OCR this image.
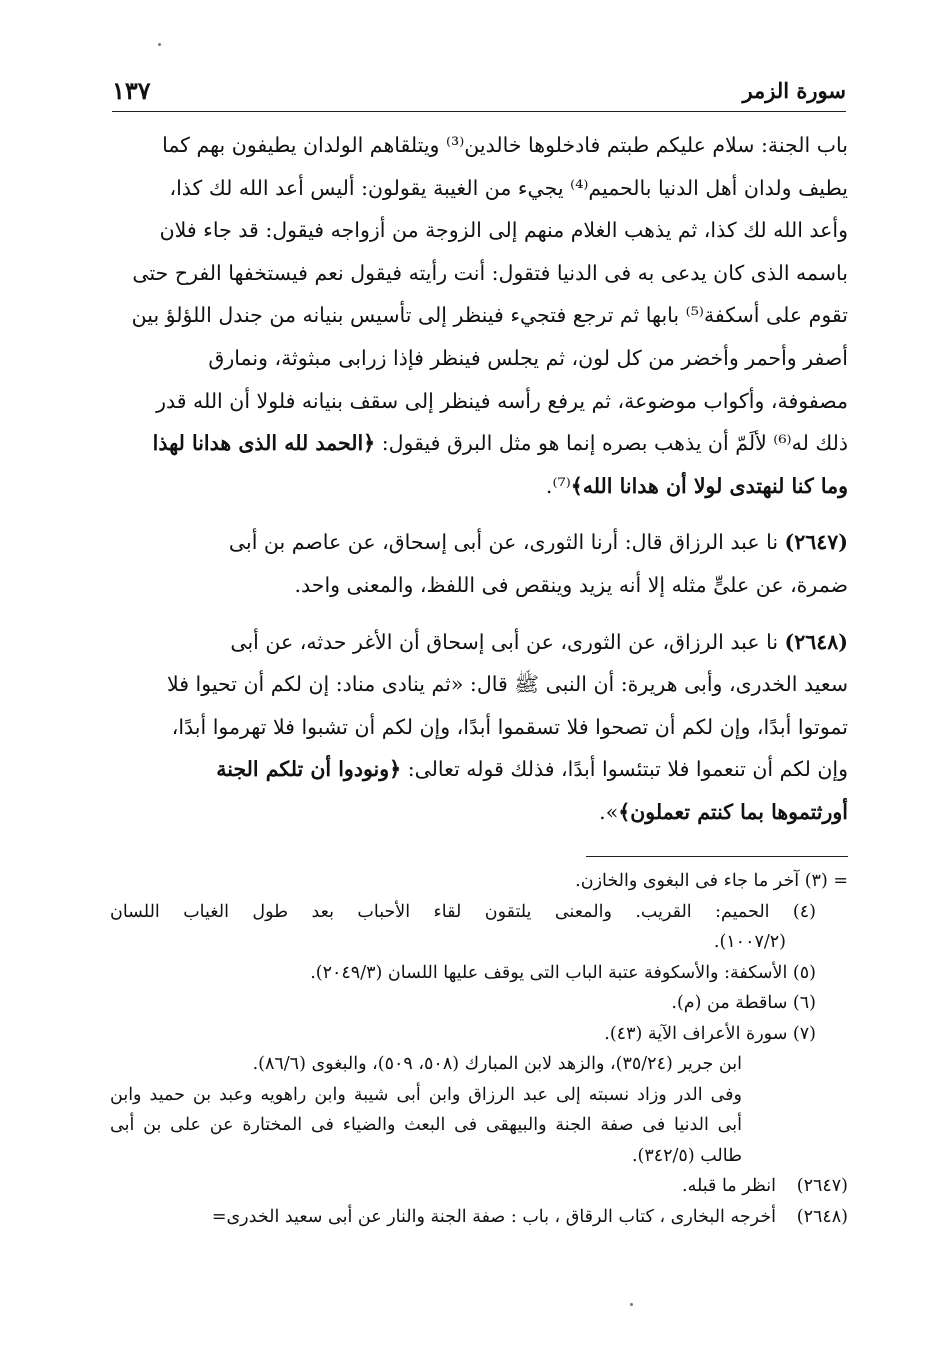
سورة الزمر
١٣٧

باب الجنة: سلام عليكم طبتم فادخلوها خالدين⁽³⁾ ويتلقاهم الولدان يطيفون بهم كما
يطيف ولدان أهل الدنيا بالحميم⁽⁴⁾ يجيء من الغيبة يقولون: أليس أعد الله لك كذا،
وأعد الله لك كذا، ثم يذهب الغلام منهم إلى الزوجة من أزواجه فيقول: قد جاء فلان
باسمه الذى كان يدعى به فى الدنيا فتقول: أنت رأيته فيقول نعم فيستخفها الفرح حتى
تقوم على أسكفة⁽⁵⁾ بابها ثم ترجع فتجيء فينظر إلى تأسيس بنيانه من جندل اللؤلؤ بين
أصفر وأحمر وأخضر من كل لون، ثم يجلس فينظر فإذا زرابى مبثوثة، ونمارق
مصفوفة، وأكواب موضوعة، ثم يرفع رأسه فينظر إلى سقف بنيانه فلولا أن الله قدر
ذلك له⁽⁶⁾ لألَمّ أن يذهب بصره إنما هو مثل البرق فيقول: ﴿الحمد لله الذى هدانا لهذا
وما كنا لنهتدى لولا أن هدانا الله﴾⁽⁷⁾.

(٢٦٤٧) نا عبد الرزاق قال: أرنا الثورى، عن أبى إسحاق، عن عاصم بن أبى
ضمرة، عن علىٍّ مثله إلا أنه يزيد وينقص فى اللفظ، والمعنى واحد.

(٢٦٤٨) نا عبد الرزاق، عن الثورى، عن أبى إسحاق أن الأغر حدثه، عن أبى
سعيد الخدرى، وأبى هريرة: أن النبى ﷺ قال: «ثم ينادى مناد: إن لكم أن تحيوا فلا
تموتوا أبدًا، وإن لكم أن تصحوا فلا تسقموا أبدًا، وإن لكم أن تشبوا فلا تهرموا أبدًا،
وإن لكم أن تنعموا فلا تبتئسوا أبدًا، فذلك قوله تعالى: ﴿ونودوا أن تلكم الجنة
أورثتموها بما كنتم تعملون﴾».

= (٣) آخر ما جاء فى البغوى والخازن.
(٤) الحميم: القريب. والمعنى يلتقون لقاء الأحباب بعد طول الغياب اللسان
(١٠٠٧/٢).
(٥) الأسكفة: والأسكوفة عتبة الباب التى يوقف عليها اللسان (٢٠٤٩/٣).
(٦) ساقطة من (م).
(٧) سورة الأعراف الآية (٤٣).
ابن جرير (٣٥/٢٤)، والزهد لابن المبارك (٥٠٨، ٥٠٩)، والبغوى (٨٦/٦).
وفى الدر وزاد نسبته إلى عبد الرزاق وابن أبى شيبة وابن راهويه وعبد بن حميد وابن
أبى الدنيا فى صفة الجنة والبيهقى فى البعث والضياء فى المختارة عن على بن أبى
طالب (٣٤٢/٥).
(٢٦٤٧)
انظر ما قبله.
(٢٦٤٨)
أخرجه البخارى ، كتاب الرقاق ، باب : صفة الجنة والنار عن أبى سعيد الخدرى
=
